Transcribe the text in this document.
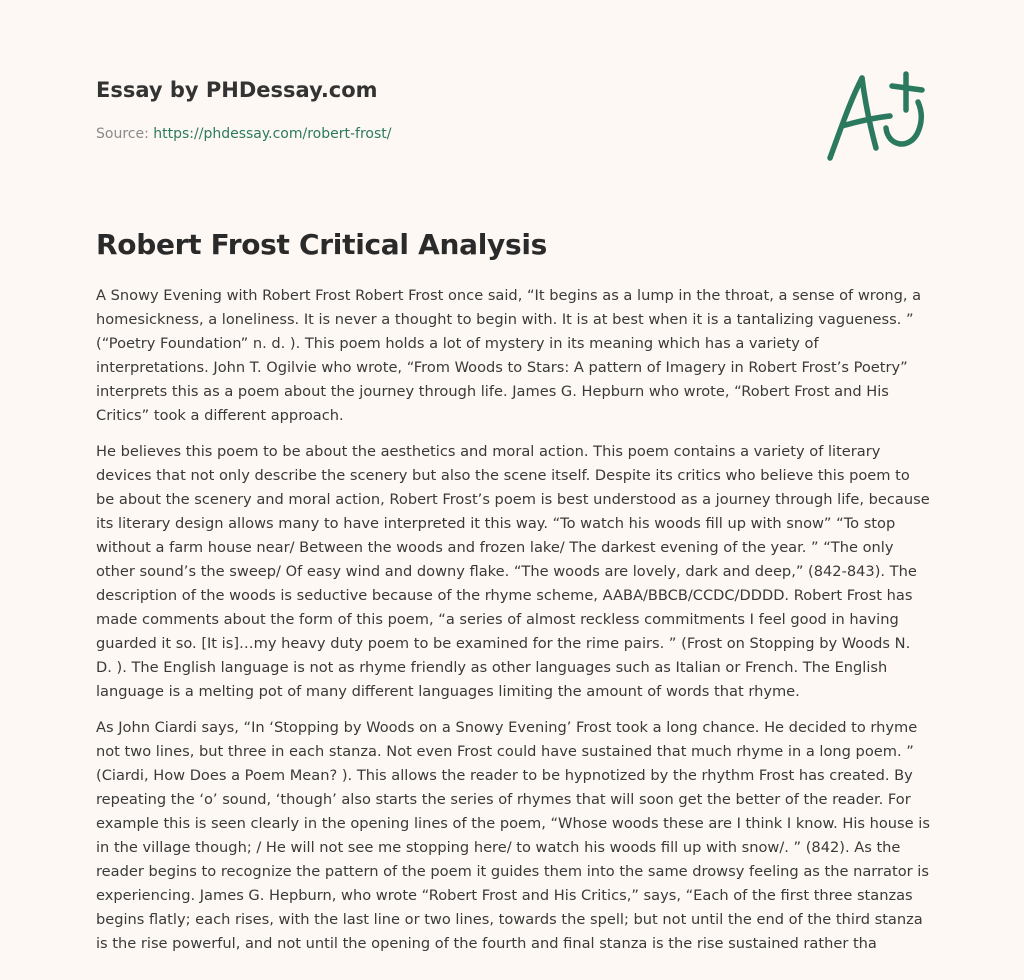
Essay by PHDessay.com
Source: https://phdessay.com/robert-frost/
Robert Frost Critical Analysis

A Snowy Evening with Robert Frost Robert Frost once said, “It begins as a lump in the throat, a sense of wrong, a homesickness, a loneliness. It is never a thought to begin with. It is at best when it is a tantalizing vagueness. ” (“Poetry Foundation” n. d. ). This poem holds a lot of mystery in its meaning which has a variety of interpretations. John T. Ogilvie who wrote, “From Woods to Stars: A pattern of Imagery in Robert Frost’s Poetry” interprets this as a poem about the journey through life. James G. Hepburn who wrote, “Robert Frost and His Critics” took a different approach.

He believes this poem to be about the aesthetics and moral action. This poem contains a variety of literary devices that not only describe the scenery but also the scene itself. Despite its critics who believe this poem to be about the scenery and moral action, Robert Frost’s poem is best understood as a journey through life, because its literary design allows many to have interpreted it this way. “To watch his woods fill up with snow” “To stop without a farm house near/ Between the woods and frozen lake/ The darkest evening of the year. ” “The only other sound’s the sweep/ Of easy wind and downy flake. “The woods are lovely, dark and deep,” (842-843). The description of the woods is seductive because of the rhyme scheme, AABA/BBCB/CCDC/DDDD. Robert Frost has made comments about the form of this poem, “a series of almost reckless commitments I feel good in having guarded it so. [It is]…my heavy duty poem to be examined for the rime pairs. ” (Frost on Stopping by Woods N. D. ). The English language is not as rhyme friendly as other languages such as Italian or French. The English language is a melting pot of many different languages limiting the amount of words that rhyme.

As John Ciardi says, “In ‘Stopping by Woods on a Snowy Evening’ Frost took a long chance. He decided to rhyme not two lines, but three in each stanza. Not even Frost could have sustained that much rhyme in a long poem. ” (Ciardi, How Does a Poem Mean? ). This allows the reader to be hypnotized by the rhythm Frost has created. By repeating the ‘o’ sound, ‘though’ also starts the series of rhymes that will soon get the better of the reader. For example this is seen clearly in the opening lines of the poem, “Whose woods these are I think I know. His house is in the village though; / He will not see me stopping here/ to watch his woods fill up with snow/. ” (842). As the reader begins to recognize the pattern of the poem it guides them into the same drowsy feeling as the narrator is experiencing. James G. Hepburn, who wrote “Robert Frost and His Critics,” says, “Each of the first three stanzas begins flatly; each rises, with the last line or two lines, towards the spell; but not until the end of the third stanza is the rise powerful, and not until the opening of the fourth and final stanza is the rise sustained rather tha
